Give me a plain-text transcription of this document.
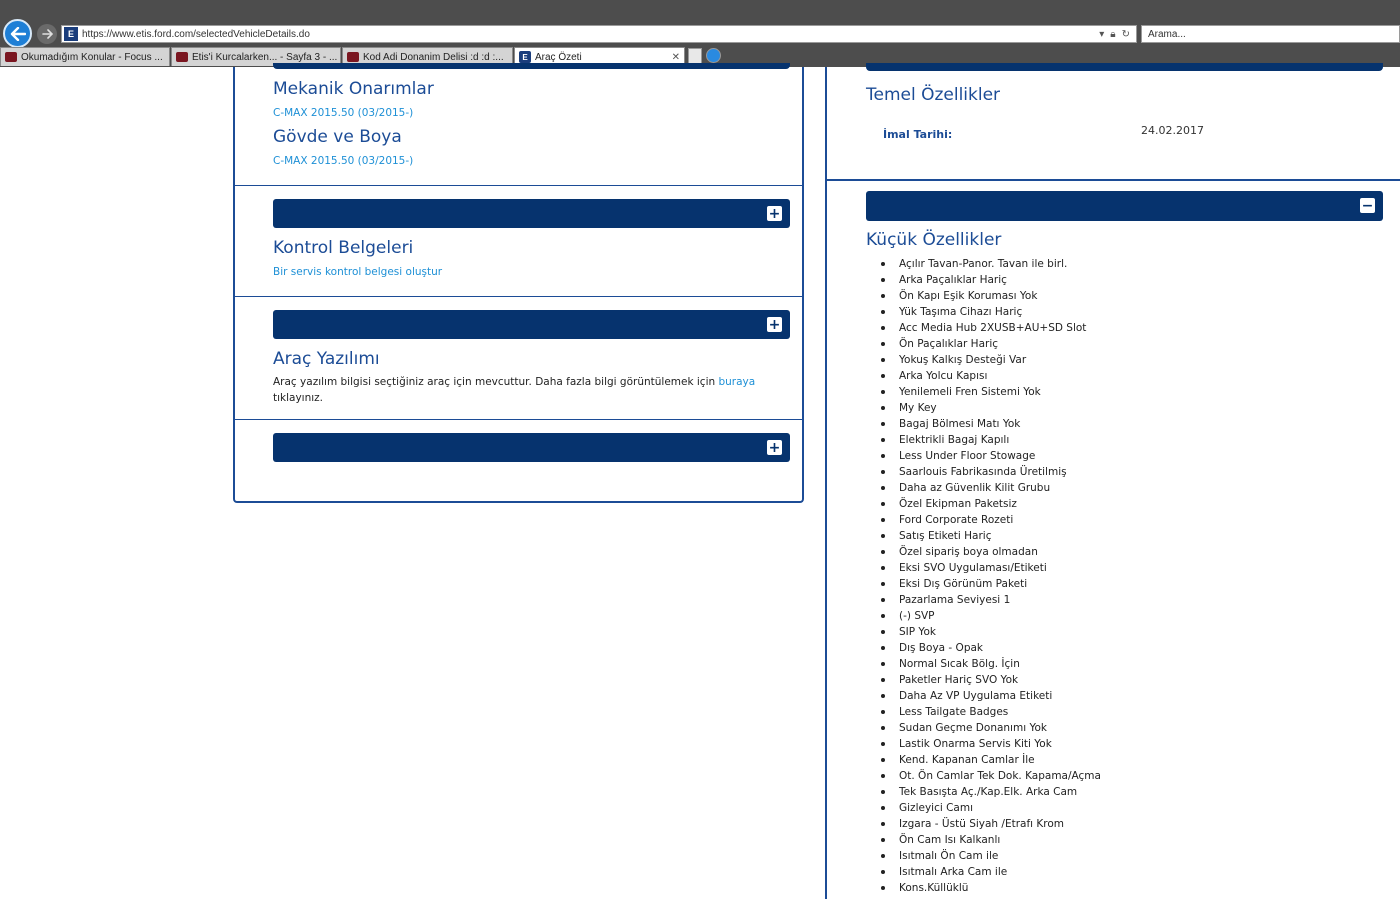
E https://www.etis.ford.com/selectedVehicleDetails.do	▾ 🔒︎ ↻	Arama...
Okumadığım Konular - Focus ...	Etis'i Kurcalarken... - Sayfa 3 - ...	Kod Adi Donanim Delisi :d :d :...	E Araç Özeti	✕
Mekanik Onarımlar
C-MAX 2015.50 (03/2015-)
Gövde ve Boya
C-MAX 2015.50 (03/2015-)
+
Kontrol Belgeleri
Bir servis kontrol belgesi oluştur
+
Araç Yazılımı
Araç yazılım bilgisi seçtiğiniz araç için mevcuttur. Daha fazla bilgi görüntülemek için buraya
tıklayınız.
+
Temel Özellikler
İmal Tarihi:	24.02.2017
−
Küçük Özellikler
Açılır Tavan-Panor. Tavan ile birl.
Arka Paçalıklar Hariç
Ön Kapı Eşik Koruması Yok
Yük Taşıma Cihazı Hariç
Acc Media Hub 2XUSB+AU+SD Slot
Ön Paçalıklar Hariç
Yokuş Kalkış Desteği Var
Arka Yolcu Kapısı
Yenilemeli Fren Sistemi Yok
My Key
Bagaj Bölmesi Matı Yok
Elektrikli Bagaj Kapılı
Less Under Floor Stowage
Saarlouis Fabrikasında Üretilmiş
Daha az Güvenlik Kilit Grubu
Özel Ekipman Paketsiz
Ford Corporate Rozeti
Satış Etiketi Hariç
Özel sipariş boya olmadan
Eksi SVO Uygulaması/Etiketi
Eksi Dış Görünüm Paketi
Pazarlama Seviyesi 1
(-) SVP
SIP Yok
Dış Boya - Opak
Normal Sıcak Bölg. İçin
Paketler Hariç SVO Yok
Daha Az VP Uygulama Etiketi
Less Tailgate Badges
Sudan Geçme Donanımı Yok
Lastik Onarma Servis Kiti Yok
Kend. Kapanan Camlar İle
Ot. Ön Camlar Tek Dok. Kapama/Açma
Tek Basışta Aç./Kap.Elk. Arka Cam
Gizleyici Camı
Izgara - Üstü Siyah /Etrafı Krom
Ön Cam Isı Kalkanlı
Isıtmalı Ön Cam ile
Isıtmalı Arka Cam ile
Kons.Küllüklü
